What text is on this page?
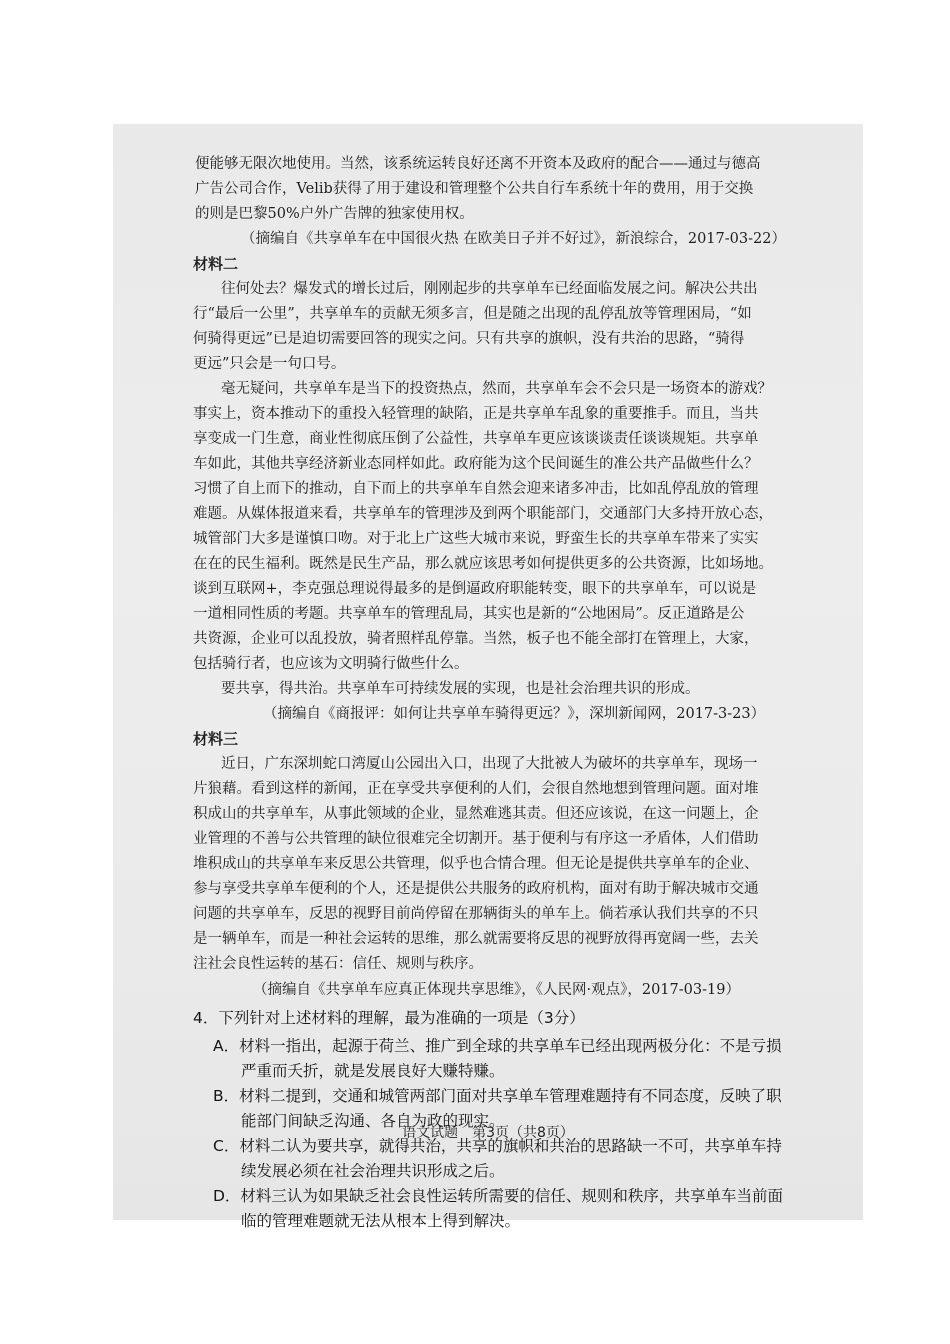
便能够无限次地使用。当然，该系统运转良好还离不开资本及政府的配合——通过与德高
广告公司合作，Velib获得了用于建设和管理整个公共自行车系统十年的费用，用于交换
的则是巴黎50%户外广告牌的独家使用权。
（摘编自《共享单车在中国很火热 在欧美日子并不好过》，新浪综合，2017-03-22）
材料二
往何处去？爆发式的增长过后，刚刚起步的共享单车已经面临发展之问。解决公共出
行“最后一公里”，共享单车的贡献无须多言，但是随之出现的乱停乱放等管理困局，“如
何骑得更远”已是迫切需要回答的现实之问。只有共享的旗帜，没有共治的思路，“骑得
更远”只会是一句口号。
毫无疑问，共享单车是当下的投资热点，然而，共享单车会不会只是一场资本的游戏？
事实上，资本推动下的重投入轻管理的缺陷，正是共享单车乱象的重要推手。而且，当共
享变成一门生意，商业性彻底压倒了公益性，共享单车更应该谈谈责任谈谈规矩。共享单
车如此，其他共享经济新业态同样如此。政府能为这个民间诞生的准公共产品做些什么？
习惯了自上而下的推动，自下而上的共享单车自然会迎来诸多冲击，比如乱停乱放的管理
难题。从媒体报道来看，共享单车的管理涉及到两个职能部门，交通部门大多持开放心态，
城管部门大多是谨慎口吻。对于北上广这些大城市来说，野蛮生长的共享单车带来了实实
在在的民生福利。既然是民生产品，那么就应该思考如何提供更多的公共资源，比如场地。
谈到互联网+，李克强总理说得最多的是倒逼政府职能转变，眼下的共享单车，可以说是
一道相同性质的考题。共享单车的管理乱局，其实也是新的“公地困局”。反正道路是公
共资源，企业可以乱投放，骑者照样乱停靠。当然，板子也不能全部打在管理上，大家，
包括骑行者，也应该为文明骑行做些什么。
要共享，得共治。共享单车可持续发展的实现，也是社会治理共识的形成。
（摘编自《商报评：如何让共享单车骑得更远？》，深圳新闻网，2017-3-23）
材料三
近日，广东深圳蛇口湾厦山公园出入口，出现了大批被人为破坏的共享单车，现场一
片狼藉。看到这样的新闻，正在享受共享便利的人们，会很自然地想到管理问题。面对堆
积成山的共享单车，从事此领域的企业，显然难逃其责。但还应该说，在这一问题上，企
业管理的不善与公共管理的缺位很难完全切割开。基于便利与有序这一矛盾体，人们借助
堆积成山的共享单车来反思公共管理，似乎也合情合理。但无论是提供共享单车的企业、
参与享受共享单车便利的个人，还是提供公共服务的政府机构，面对有助于解决城市交通
问题的共享单车，反思的视野目前尚停留在那辆街头的单车上。倘若承认我们共享的不只
是一辆单车，而是一种社会运转的思维，那么就需要将反思的视野放得再宽阔一些，去关
注社会良性运转的基石：信任、规则与秩序。
（摘编自《共享单车应真正体现共享思维》，《人民网·观点》，2017-03-19）
4．下列针对上述材料的理解，最为准确的一项是（3分）
A．材料一指出，起源于荷兰、推广到全球的共享单车已经出现两极分化：不是亏损
严重而夭折，就是发展良好大赚特赚。
B．材料二提到，交通和城管两部门面对共享单车管理难题持有不同态度，反映了职
能部门间缺乏沟通、各自为政的现实。
C．材料二认为要共享，就得共治，共享的旗帜和共治的思路缺一不可，共享单车持
续发展必须在社会治理共识形成之后。
D．材料三认为如果缺乏社会良性运转所需要的信任、规则和秩序，共享单车当前面
临的管理难题就无法从根本上得到解决。
语文试题　第3页（共8页）
